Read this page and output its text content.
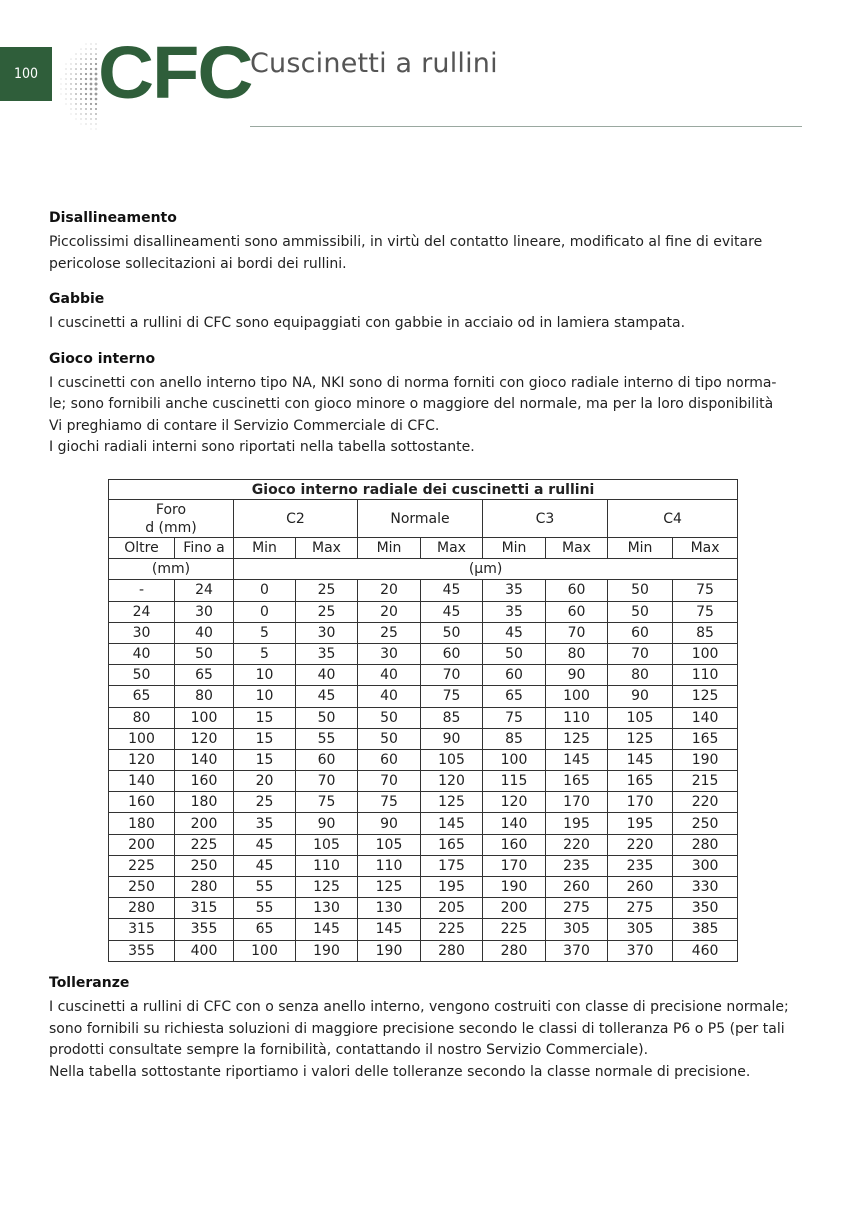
100 CFC
Cuscinetti a rullini
Disallineamento

Piccolissimi disallineamenti sono ammissibili, in virtù del contatto lineare, modificato al fine di evitare

pericolose sollecitazioni ai bordi dei rullini.

Gabbie

I cuscinetti a rullini di CFC sono equipaggiati con gabbie in acciaio od in lamiera stampata.

Gioco interno

I cuscinetti con anello interno tipo NA, NKI sono di norma forniti con gioco radiale interno di tipo norma-

le; sono fornibili anche cuscinetti con gioco minore o maggiore del normale, ma per la loro disponibilità

Vi preghiamo di contare il Servizio Commerciale di CFC.

I giochi radiali interni sono riportati nella tabella sottostante.

Gioco interno radiale dei cuscinetti a rullini									
Foro
d (mm)		C2		Normale		C3		C4	
Oltre	Fino a	Min	Max	Min	Max	Min	Max	Min	Max
(mm)		(µm)							
-	24	0	25	20	45	35	60	50	75
24	30	0	25	20	45	35	60	50	75
30	40	5	30	25	50	45	70	60	85
40	50	5	35	30	60	50	80	70	100
50	65	10	40	40	70	60	90	80	110
65	80	10	45	40	75	65	100	90	125
80	100	15	50	50	85	75	110	105	140
100	120	15	55	50	90	85	125	125	165
120	140	15	60	60	105	100	145	145	190
140	160	20	70	70	120	115	165	165	215
160	180	25	75	75	125	120	170	170	220
180	200	35	90	90	145	140	195	195	250
200	225	45	105	105	165	160	220	220	280
225	250	45	110	110	175	170	235	235	300
250	280	55	125	125	195	190	260	260	330
280	315	55	130	130	205	200	275	275	350
315	355	65	145	145	225	225	305	305	385
355	400	100	190	190	280	280	370	370	460
Tolleranze

I cuscinetti a rullini di CFC con o senza anello interno, vengono costruiti con classe di precisione normale;

sono fornibili su richiesta soluzioni di maggiore precisione secondo le classi di tolleranza P6 o P5 (per tali

prodotti consultate sempre la fornibilità, contattando il nostro Servizio Commerciale).

Nella tabella sottostante riportiamo i valori delle tolleranze secondo la classe normale di precisione.
